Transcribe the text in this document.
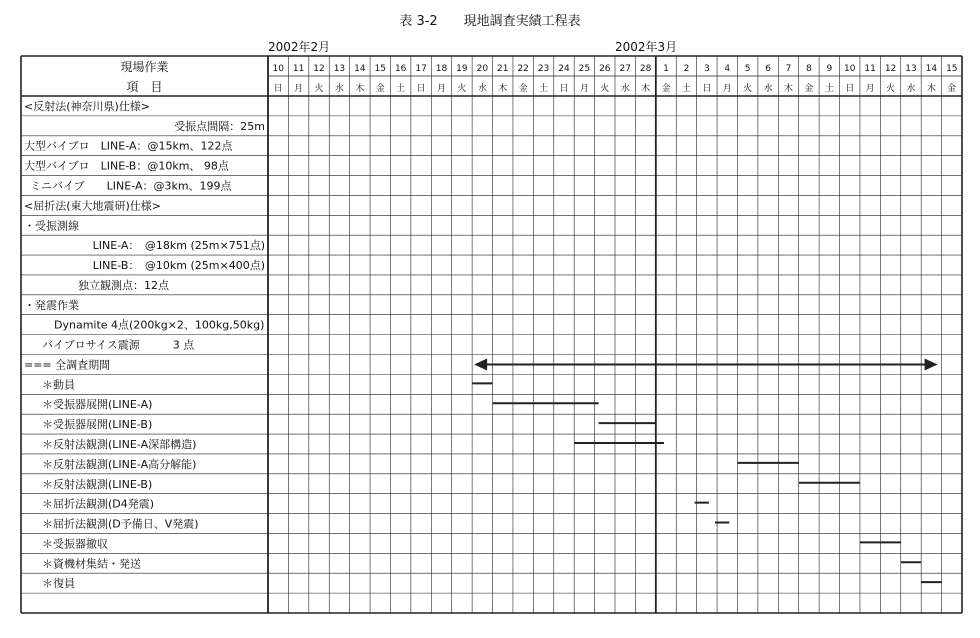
表 3-2　　現地調査実績工程表
2002年2月	2002年3月
現場作業
項　目
10
日
11
月
12
火
13
水
14
木
15
金
16
土
17
日
18
月
19
火
20
水
21
木
22
金
23
土
24
日
25
月
26
火
27
水
28
木
1
金
2
土
3
日
4
月
5
火
6
水
7
木
8
金
9
土
10
日
11
月
12
火
13
水
14
木
15
金
<反射法(神奈川県)仕様>
受振点間隔：25m
大型バイブロ　LINE-A：@15km、122点
大型バイブロ　LINE-B：@10km、 98点
ミニバイブ　　LINE-A：@3km、199点
<屈折法(東大地震研)仕様>
・受振測線
LINE-A：　@18km (25m×751点)
LINE-B：　@10km (25m×400点)
独立観測点：12点
・発震作業
Dynamite 4点(200kg×2、100kg,50kg)
バイブロサイス震源　　　3 点
=== 全調査期間
＊動員
＊受振器展開(LINE-A)
＊受振器展開(LINE-B)
＊反射法観測(LINE-A深部構造)
＊反射法観測(LINE-A高分解能)
＊反射法観測(LINE-B)
＊屈折法観測(D4発震)
＊屈折法観測(D予備日、V発震)
＊受振器撤収
＊資機材集結・発送
＊復員
